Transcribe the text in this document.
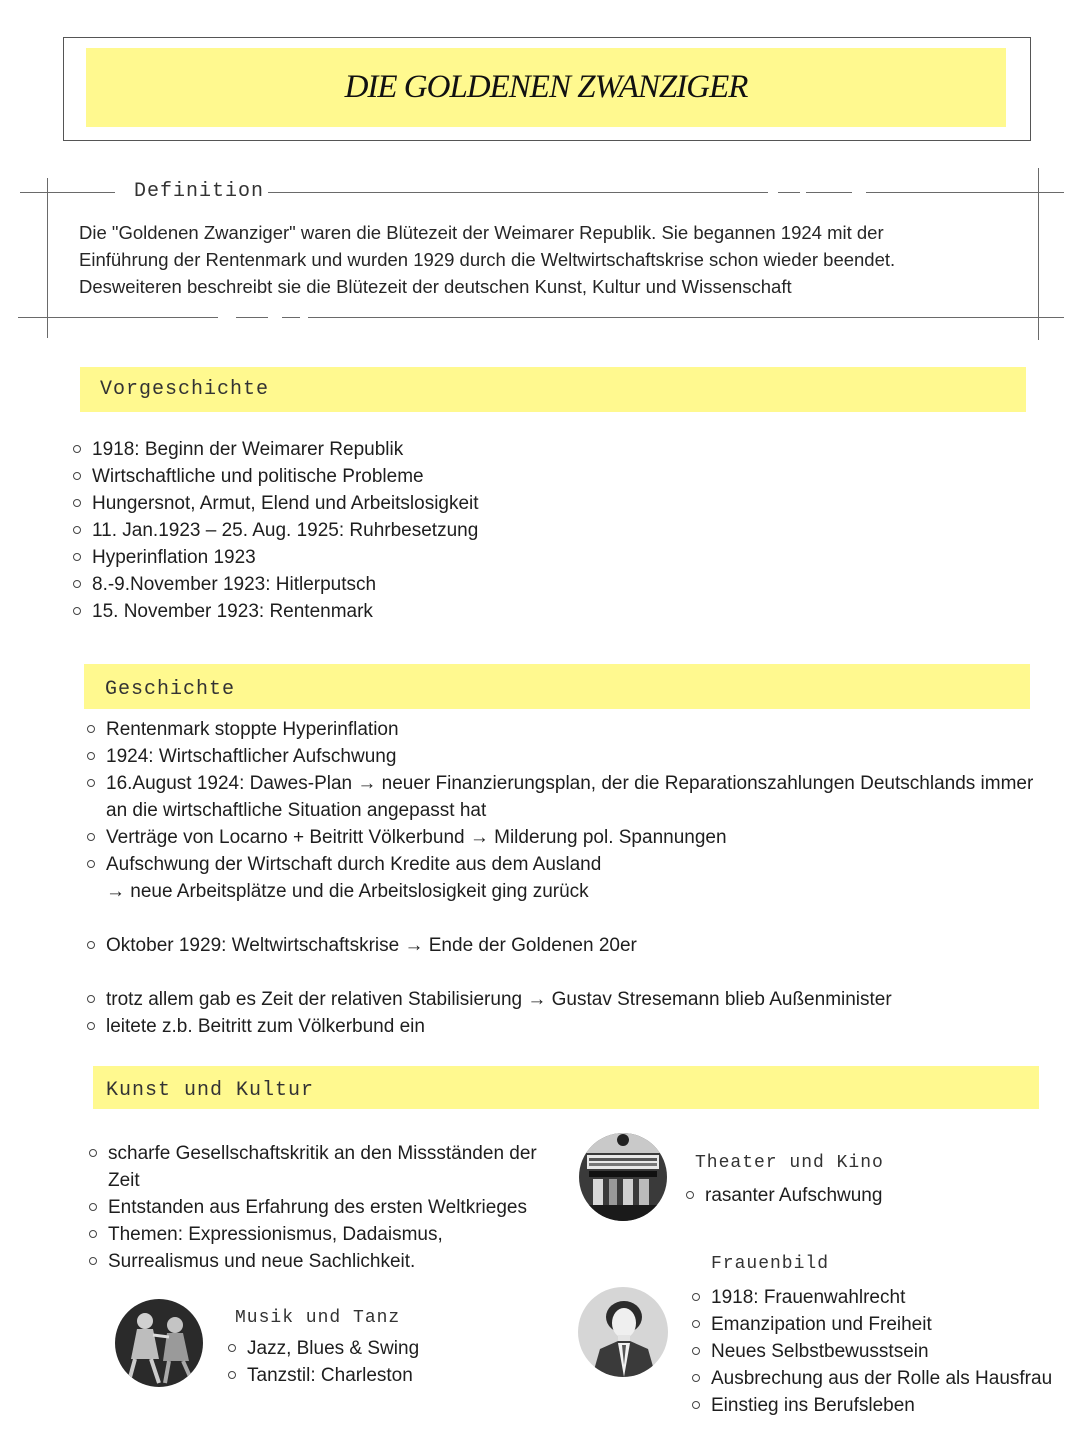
DIE GOLDENEN ZWANZIGER
Definition

Die "Goldenen Zwanziger" waren die Blütezeit der Weimarer Republik. Sie begannen 1924 mit der

Einführung der Rentenmark und wurden 1929 durch die Weltwirtschaftskrise schon wieder beendet.

Desweiteren beschreibt sie die Blütezeit der deutschen Kunst, Kultur und Wissenschaft

Vorgeschichte
1918: Beginn der Weimarer Republik
Wirtschaftliche und politische Probleme
Hungersnot, Armut, Elend und Arbeitslosigkeit
11. Jan.1923 – 25. Aug. 1925: Ruhrbesetzung
Hyperinflation 1923
8.-9.November 1923: Hitlerputsch
15. November 1923: Rentenmark
Geschichte
Rentenmark stoppte Hyperinflation
1924: Wirtschaftlicher Aufschwung
16.August 1924: Dawes-Plan → neuer Finanzierungsplan, der die Reparationszahlungen Deutschlands immer
an die wirtschaftliche Situation angepasst hat
Verträge von Locarno + Beitritt Völkerbund → Milderung pol. Spannungen
Aufschwung der Wirtschaft durch Kredite aus dem Ausland
→ neue Arbeitsplätze und die Arbeitslosigkeit ging zurück
Oktober 1929: Weltwirtschaftskrise → Ende der Goldenen 20er
trotz allem gab es Zeit der relativen Stabilisierung → Gustav Stresemann blieb Außenminister
leitete z.b. Beitritt zum Völkerbund ein
Kunst und Kultur
scharfe Gesellschaftskritik an den Missständen der
Zeit
Entstanden aus Erfahrung des ersten Weltkrieges
Themen: Expressionismus, Dadaismus,
Surrealismus und neue Sachlichkeit.
Theater und Kino
rasanter Aufschwung
Frauenbild
1918: Frauenwahlrecht
Emanzipation und Freiheit
Neues Selbstbewusstsein
Ausbrechung aus der Rolle als Hausfrau
Einstieg ins Berufsleben
Musik und Tanz
Jazz, Blues & Swing
Tanzstil: Charleston
